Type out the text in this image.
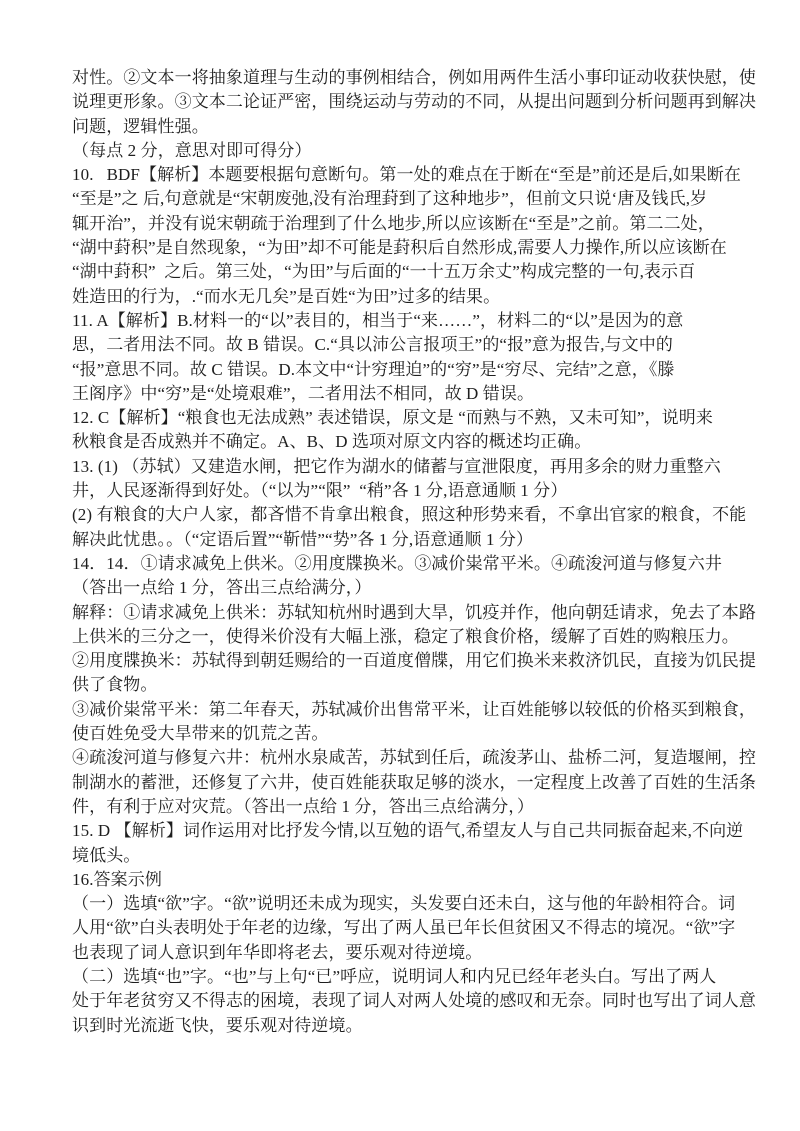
对性。②文本一将抽象道理与生动的事例相结合，例如用两件生活小事印证动收获快慰，使
说理更形象。③文本二论证严密，围绕运动与劳动的不同，从提出问题到分析问题再到解决
问题，逻辑性强。
（每点 2 分，意思对即可得分）
10.   BDF【解析】本题要根据句意断句。第一处的难点在于断在“至是”前还是后,如果断在
“至是”之 后,句意就是“宋朝废弛,没有治理葑到了这种地步”，但前文只说‘唐及钱氏,岁
辄开治”，并没有说宋朝疏于治理到了什么地步,所以应该断在“至是”之前。第二二处，
“湖中葑积”是自然现象，“为田”却不可能是葑积后自然形成,需要人力操作,所以应该断在
“湖中葑积”  之后。第三处，“为田”与后面的“一十五万余丈”构成完整的一句,表示百
姓造田的行为，.“而水无几矣”是百姓“为田”过多的结果。
11. A【解析】B.材料一的“以”表目的，相当于“来……”，材料二的“以”是因为的意
思，二者用法不同。故 B 错误。C.“具以沛公言报项王”的“报”意为报告,与文中的
“报”意思不同。故 C 错误。D.本文中“计穷理迫”的“穷”是“穷尽、完结”之意，《滕
王阁序》中“穷”是“处境艰难”，二者用法不相同，故 D 错误。
12. C【解析】“粮食也无法成熟” 表述错误，原文是 “而熟与不熟，又未可知”，说明来
秋粮食是否成熟并不确定。A、B、D 选项对原文内容的概述均正确。
13. (1) （苏轼）又建造水闸，把它作为湖水的储蓄与宣泄限度，再用多余的财力重整六
井，人民逐渐得到好处。（“以为”“限”  “稍”各 1 分,语意通顺 1 分）
(2) 有粮食的大户人家，都吝惜不肯拿出粮食，照这种形势来看，不拿出官家的粮食，不能
解决此忧患。。（“定语后置”“靳惜”“势”各 1 分,语意通顺 1 分）
14．14．①请求减免上供米。②用度牒换米。③减价粜常平米。④疏浚河道与修复六井
（答出一点给 1 分，答出三点给满分，）
解释：①请求减免上供米：苏轼知杭州时遇到大旱，饥疫并作，他向朝廷请求，免去了本路
上供米的三分之一，使得米价没有大幅上涨，稳定了粮食价格，缓解了百姓的购粮压力。
②用度牒换米：苏轼得到朝廷赐给的一百道度僧牒，用它们换米来救济饥民，直接为饥民提
供了食物。
③减价粜常平米：第二年春天，苏轼减价出售常平米，让百姓能够以较低的价格买到粮食，
使百姓免受大旱带来的饥荒之苦。
④疏浚河道与修复六井：杭州水泉咸苦，苏轼到任后，疏浚茅山、盐桥二河，复造堰闸，控
制湖水的蓄泄，还修复了六井，使百姓能获取足够的淡水，一定程度上改善了百姓的生活条
件，有利于应对灾荒。（答出一点给 1 分，答出三点给满分，）
15. D 【解析】词作运用对比抒发今情,以互勉的语气,希望友人与自己共同振奋起来,不向逆
境低头。
16.答案示例
（一）选填“欲”字。“欲”说明还未成为现实，头发要白还未白，这与他的年龄相符合。词
人用“欲”白头表明处于年老的边缘，写出了两人虽已年长但贫困又不得志的境况。“欲”字
也表现了词人意识到年华即将老去，要乐观对待逆境。
（二）选填“也”字。“也”与上句“已”呼应，说明词人和内兄已经年老头白。写出了两人
处于年老贫穷又不得志的困境，表现了词人对两人处境的感叹和无奈。同时也写出了词人意
识到时光流逝飞快，要乐观对待逆境。
